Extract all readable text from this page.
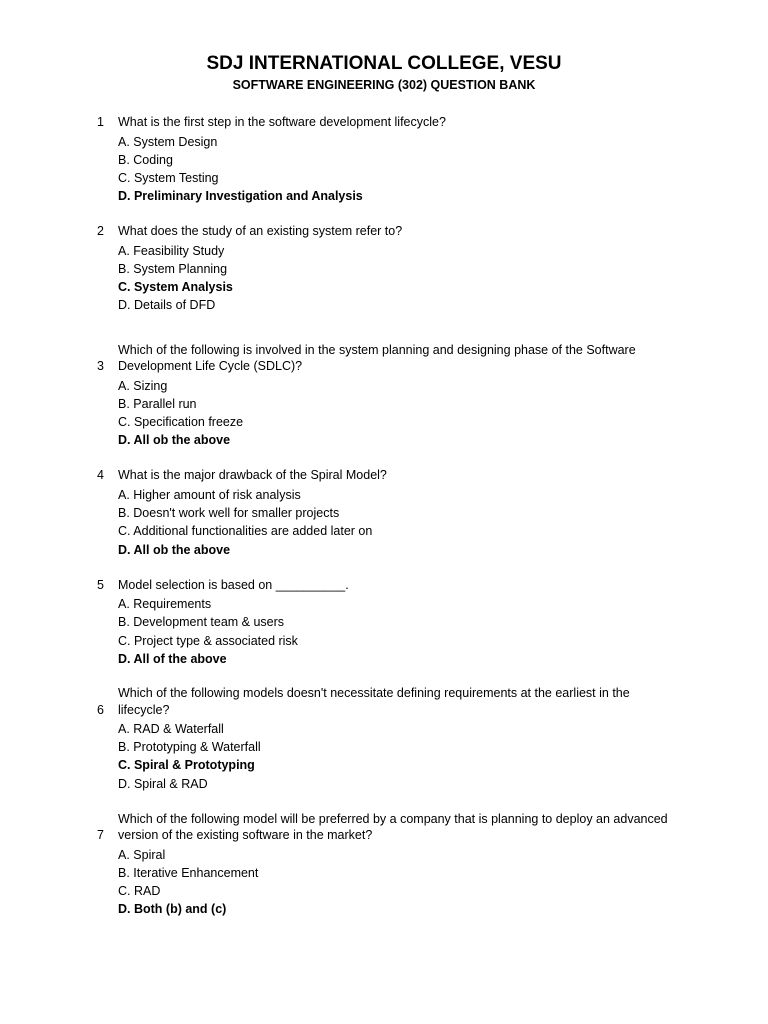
SDJ INTERNATIONAL COLLEGE, VESU
SOFTWARE ENGINEERING (302) QUESTION BANK
1	What is the first step in the software development lifecycle?
A. System Design
B. Coding
C. System Testing
D. Preliminary Investigation and Analysis
2	What does the study of an existing system refer to?
A. Feasibility Study
B. System Planning
C. System Analysis
D. Details of DFD
3
Which of the following is involved in the system planning and designing phase of the Software Development Life Cycle (SDLC)?
A. Sizing
B. Parallel run
C. Specification freeze
D. All ob the above
4	What is the major drawback of the Spiral Model?
A. Higher amount of risk analysis
B. Doesn't work well for smaller projects
C. Additional functionalities are added later on
D. All ob the above
5	Model selection is based on __________.
A. Requirements
B. Development team & users
C. Project type & associated risk
D. All of the above
6
Which of the following models doesn't necessitate defining requirements at the earliest in the lifecycle?
A. RAD & Waterfall
B. Prototyping & Waterfall
C. Spiral & Prototyping
D. Spiral & RAD
7
Which of the following model will be preferred by a company that is planning to deploy an advanced version of the existing software in the market?
A. Spiral
B. Iterative Enhancement
C. RAD
D. Both (b) and (c)
